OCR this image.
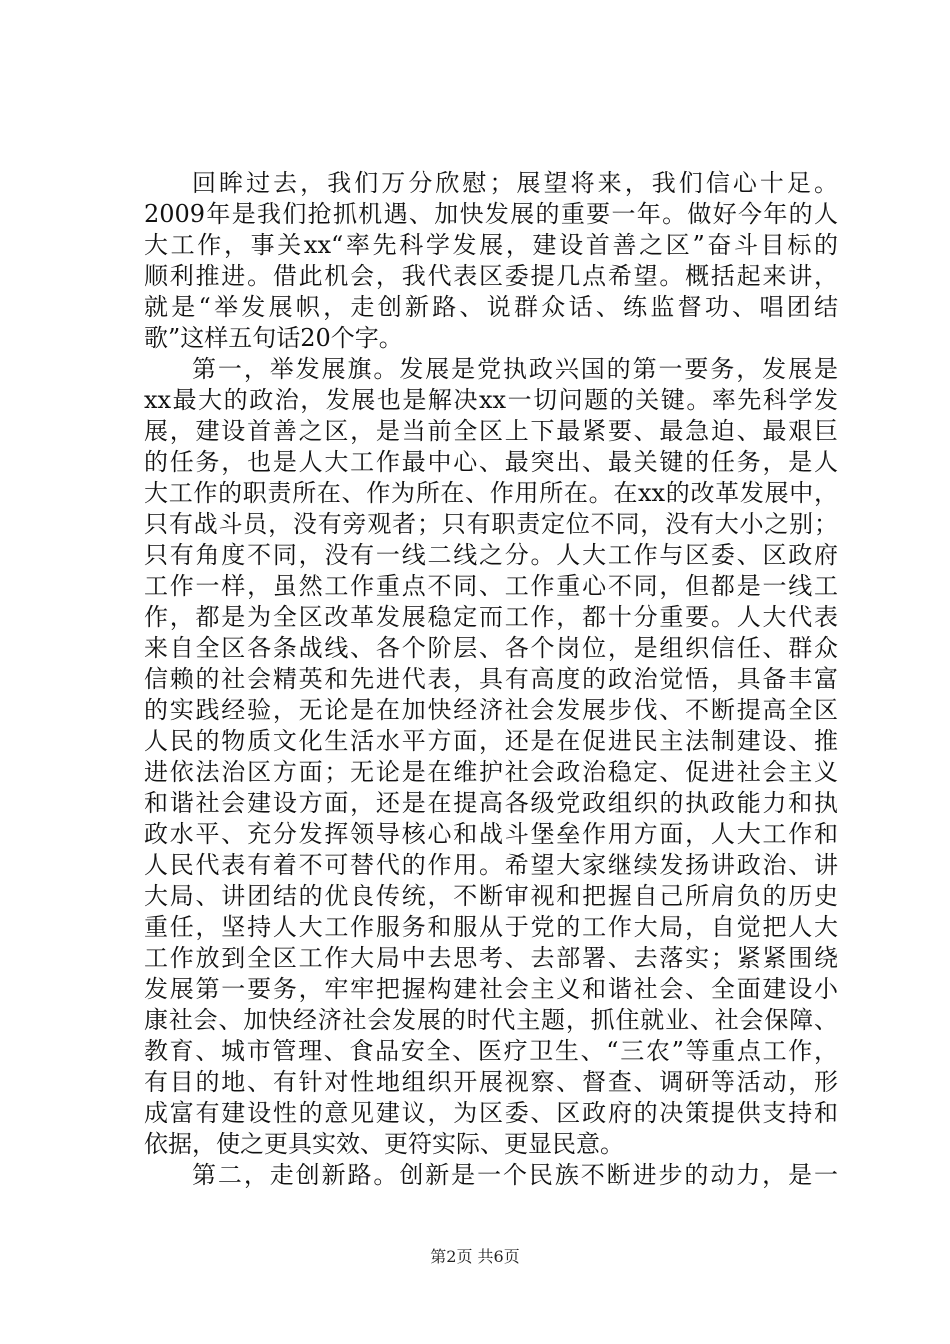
回眸过去，我们万分欣慰；展望将来，我们信心十足。
2009年是我们抢抓机遇、加快发展的重要一年。做好今年的人
大工作，事关xx“率先科学发展，建设首善之区”奋斗目标的
顺利推进。借此机会，我代表区委提几点希望。概括起来讲，
就是“举发展帜，走创新路、说群众话、练监督功、唱团结
歌”这样五句话20个字。
第一，举发展旗。发展是党执政兴国的第一要务，发展是
xx最大的政治，发展也是解决xx一切问题的关键。率先科学发
展，建设首善之区，是当前全区上下最紧要、最急迫、最艰巨
的任务，也是人大工作最中心、最突出、最关键的任务，是人
大工作的职责所在、作为所在、作用所在。在xx的改革发展中，
只有战斗员，没有旁观者；只有职责定位不同，没有大小之别；
只有角度不同，没有一线二线之分。人大工作与区委、区政府
工作一样，虽然工作重点不同、工作重心不同，但都是一线工
作，都是为全区改革发展稳定而工作，都十分重要。人大代表
来自全区各条战线、各个阶层、各个岗位，是组织信任、群众
信赖的社会精英和先进代表，具有高度的政治觉悟，具备丰富
的实践经验，无论是在加快经济社会发展步伐、不断提高全区
人民的物质文化生活水平方面，还是在促进民主法制建设、推
进依法治区方面；无论是在维护社会政治稳定、促进社会主义
和谐社会建设方面，还是在提高各级党政组织的执政能力和执
政水平、充分发挥领导核心和战斗堡垒作用方面，人大工作和
人民代表有着不可替代的作用。希望大家继续发扬讲政治、讲
大局、讲团结的优良传统，不断审视和把握自己所肩负的历史
重任，坚持人大工作服务和服从于党的工作大局，自觉把人大
工作放到全区工作大局中去思考、去部署、去落实；紧紧围绕
发展第一要务，牢牢把握构建社会主义和谐社会、全面建设小
康社会、加快经济社会发展的时代主题，抓住就业、社会保障、
教育、城市管理、食品安全、医疗卫生、“三农”等重点工作，
有目的地、有针对性地组织开展视察、督查、调研等活动，形
成富有建设性的意见建议，为区委、区政府的决策提供支持和
依据，使之更具实效、更符实际、更显民意。
第二，走创新路。创新是一个民族不断进步的动力，是一
第2页 共6页
